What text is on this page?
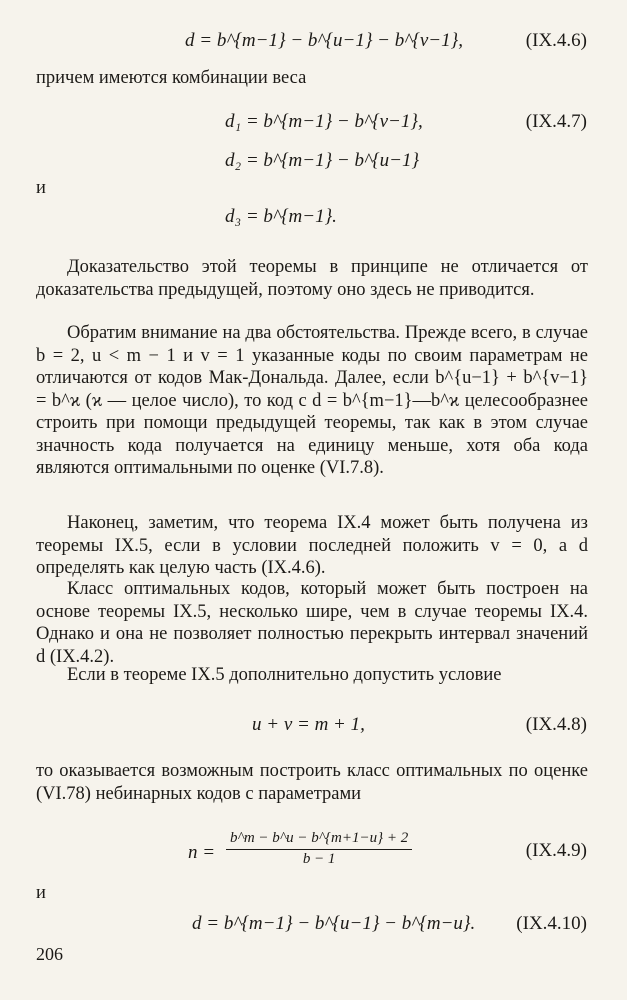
d = b^{m−1} − b^{u−1} − b^{v−1},	(IX.4.6)
причем имеются комбинации веса
d₁ = b^{m−1} − b^{v−1},	(IX.4.7)
d₂ = b^{m−1} − b^{u−1}
и
d₃ = b^{m−1}.
Доказательство этой теоремы в принципе не отличается от доказательства предыдущей, поэтому оно здесь не приводится.
Обратим внимание на два обстоятельства. Прежде всего, в случае b = 2, u < m − 1 и v = 1 указанные коды по своим параметрам не отличаются от кодов Мак-Дональда. Далее, если b^{u−1} + b^{v−1} = b^ϰ (ϰ — целое число), то код с d = b^{m−1}—b^ϰ целесообразнее строить при помощи предыдущей теоремы, так как в этом случае значность кода получается на единицу меньше, хотя оба кода являются оптимальными по оценке (VI.7.8).
Наконец, заметим, что теорема IX.4 может быть получена из теоремы IX.5, если в условии последней положить v = 0, а d определять как целую часть (IX.4.6).
Класс оптимальных кодов, который может быть построен на основе теоремы IX.5, несколько шире, чем в случае теоремы IX.4. Однако и она не позволяет полностью перекрыть интервал значений d (IX.4.2).
Если в теореме IX.5 дополнительно допустить условие
u + v = m + 1,	(IX.4.8)
то оказывается возможным построить класс оптимальных по оценке (VI.78) небинарных кодов с параметрами
n =	(IX.4.9)
$\frac{b\^{}m - b\^{}u - b\^{}\{m+1-u\} + 2}{b - 1}$
и
d = b^{m−1} − b^{u−1} − b^{m−u}. (IX.4.10)
206
